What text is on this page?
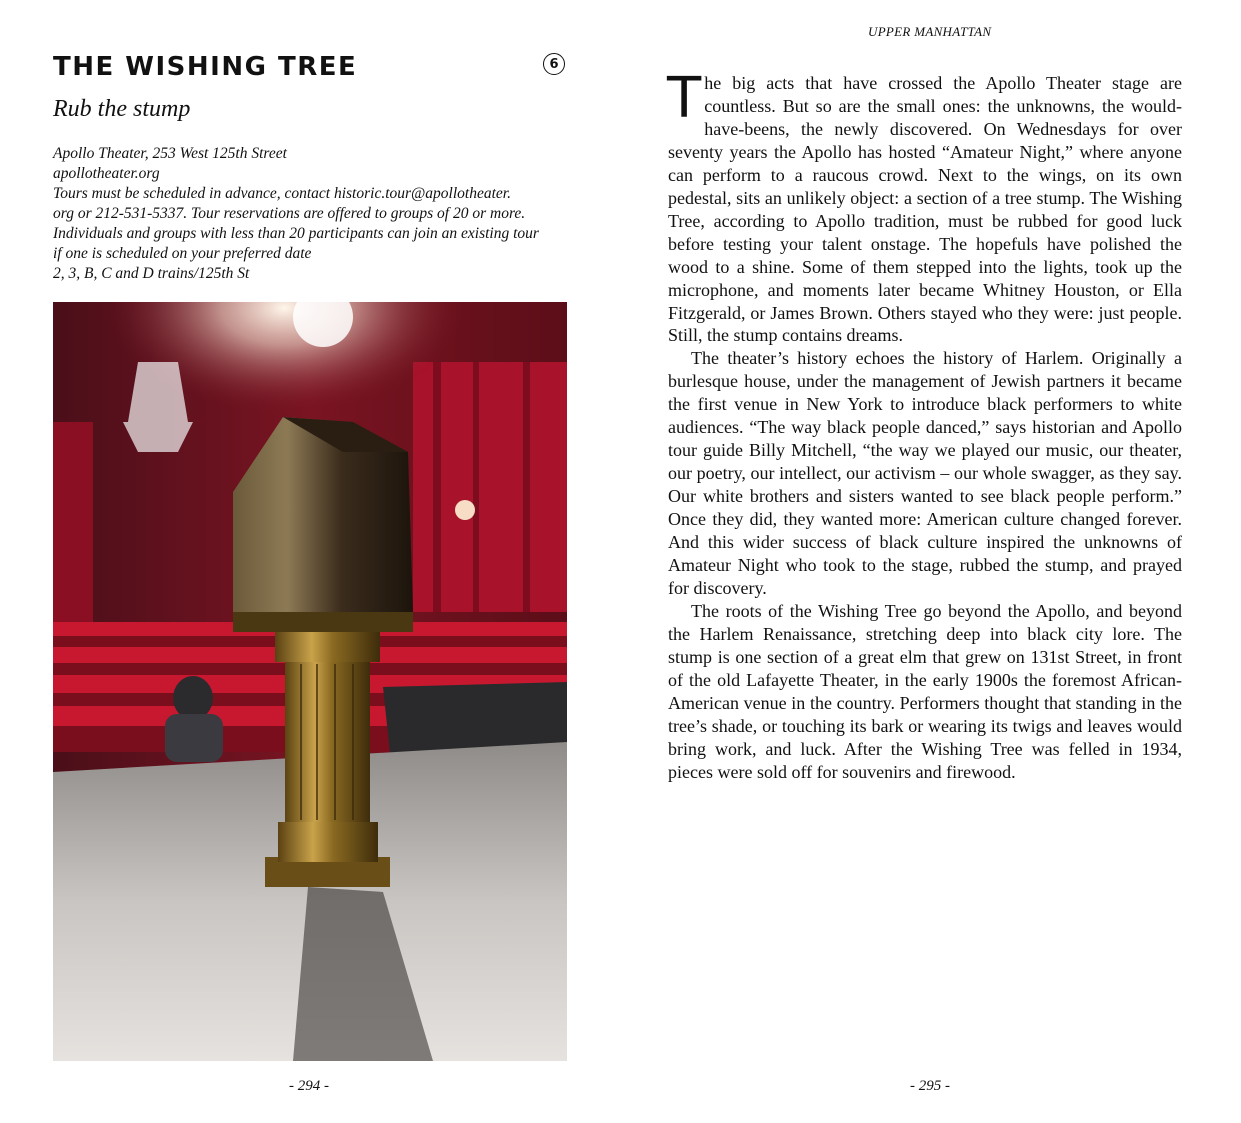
THE WISHING TREE	6
Rub the stump
Apollo Theater, 253 West 125th Street
apollotheater.org
Tours must be scheduled in advance, contact historic.tour@apollotheater.
org or 212-531-5337. Tour reservations are offered to groups of 20 or more.
Individuals and groups with less than 20 participants can join an existing tour
if one is scheduled on your preferred date
2, 3, B, C and D trains/125th St
- 294 -
UPPER MANHATTAN

The big acts that have crossed the Apollo Theater stage are countless. But so are the small ones: the unknowns, the would-have-beens, the newly discovered. On Wednesdays for over seventy years the Apollo has hosted “Amateur Night,” where anyone can perform to a raucous crowd. Next to the wings, on its own pedestal, sits an unlikely object: a section of a tree stump. The Wishing Tree, according to Apollo tradition, must be rubbed for good luck before testing your talent onstage. The hopefuls have polished the wood to a shine. Some of them stepped into the lights, took up the microphone, and moments later became Whitney Houston, or Ella Fitzgerald, or James Brown. Others stayed who they were: just people. Still, the stump contains dreams.

The theater’s history echoes the history of Harlem. Originally a burlesque house, under the management of Jewish partners it became the first venue in New York to introduce black performers to white audiences. “The way black people danced,” says historian and Apollo tour guide Billy Mitchell, “the way we played our music, our theater, our poetry, our intellect, our activism – our whole swagger, as they say. Our white brothers and sisters wanted to see black people perform.” Once they did, they wanted more: American culture changed forever. And this wider success of black culture inspired the unknowns of Amateur Night who took to the stage, rubbed the stump, and prayed for discovery.

The roots of the Wishing Tree go beyond the Apollo, and beyond the Harlem Renaissance, stretching deep into black city lore. The stump is one section of a great elm that grew on 131st Street, in front of the old Lafayette Theater, in the early 1900s the foremost African-American venue in the country. Performers thought that standing in the tree’s shade, or touching its bark or wearing its twigs and leaves would bring work, and luck. After the Wishing Tree was felled in 1934, pieces were sold off for souvenirs and firewood.

- 295 -
